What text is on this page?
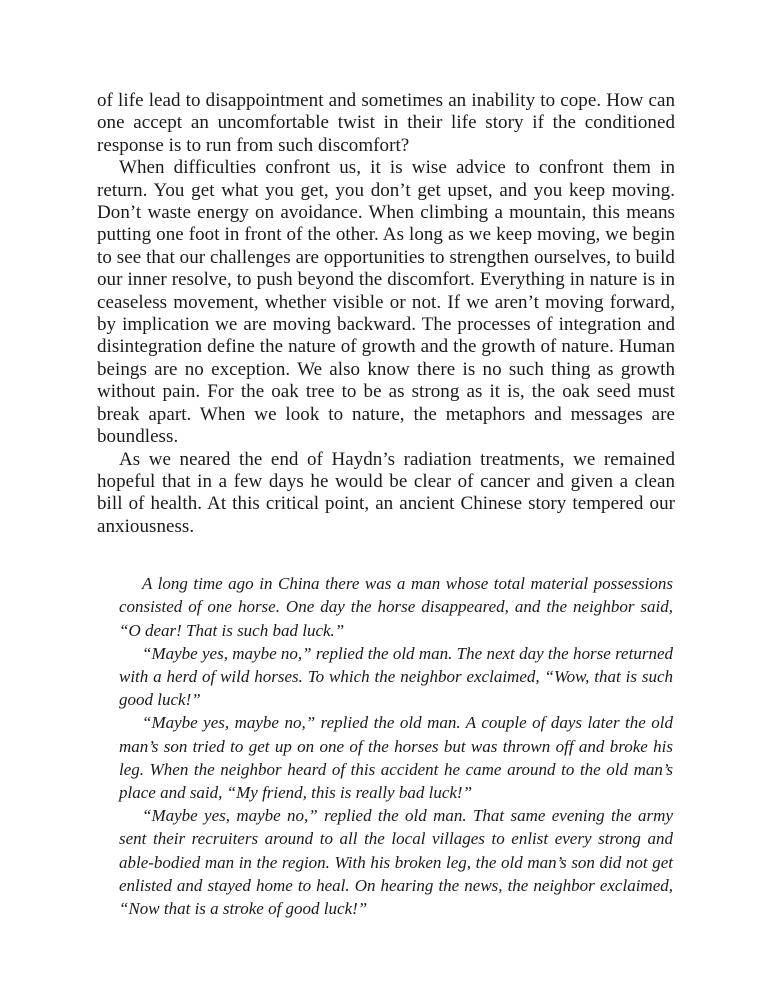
of life lead to disappointment and sometimes an inability to cope. How can one accept an uncomfortable twist in their life story if the conditioned response is to run from such discomfort?

When difficulties confront us, it is wise advice to confront them in return. You get what you get, you don’t get upset, and you keep moving. Don’t waste energy on avoidance. When climbing a mountain, this means putting one foot in front of the other. As long as we keep moving, we begin to see that our challenges are opportunities to strengthen ourselves, to build our inner resolve, to push beyond the discomfort. Everything in nature is in ceaseless movement, whether visible or not. If we aren’t moving forward, by implication we are moving backward. The processes of integration and disintegration define the nature of growth and the growth of nature. Human beings are no exception. We also know there is no such thing as growth without pain. For the oak tree to be as strong as it is, the oak seed must break apart. When we look to nature, the metaphors and messages are boundless.

As we neared the end of Haydn’s radiation treatments, we remained hopeful that in a few days he would be clear of cancer and given a clean bill of health. At this critical point, an ancient Chinese story tempered our anxiousness.

A long time ago in China there was a man whose total material possessions consisted of one horse. One day the horse disappeared, and the neighbor said, “O dear! That is such bad luck.”

“Maybe yes, maybe no,” replied the old man. The next day the horse returned with a herd of wild horses. To which the neighbor exclaimed, “Wow, that is such good luck!”

“Maybe yes, maybe no,” replied the old man. A couple of days later the old man’s son tried to get up on one of the horses but was thrown off and broke his leg. When the neighbor heard of this accident he came around to the old man’s place and said, “My friend, this is really bad luck!”

“Maybe yes, maybe no,” replied the old man. That same evening the army sent their recruiters around to all the local villages to enlist every strong and able-bodied man in the region. With his broken leg, the old man’s son did not get enlisted and stayed home to heal. On hearing the news, the neighbor exclaimed, “Now that is a stroke of good luck!”
